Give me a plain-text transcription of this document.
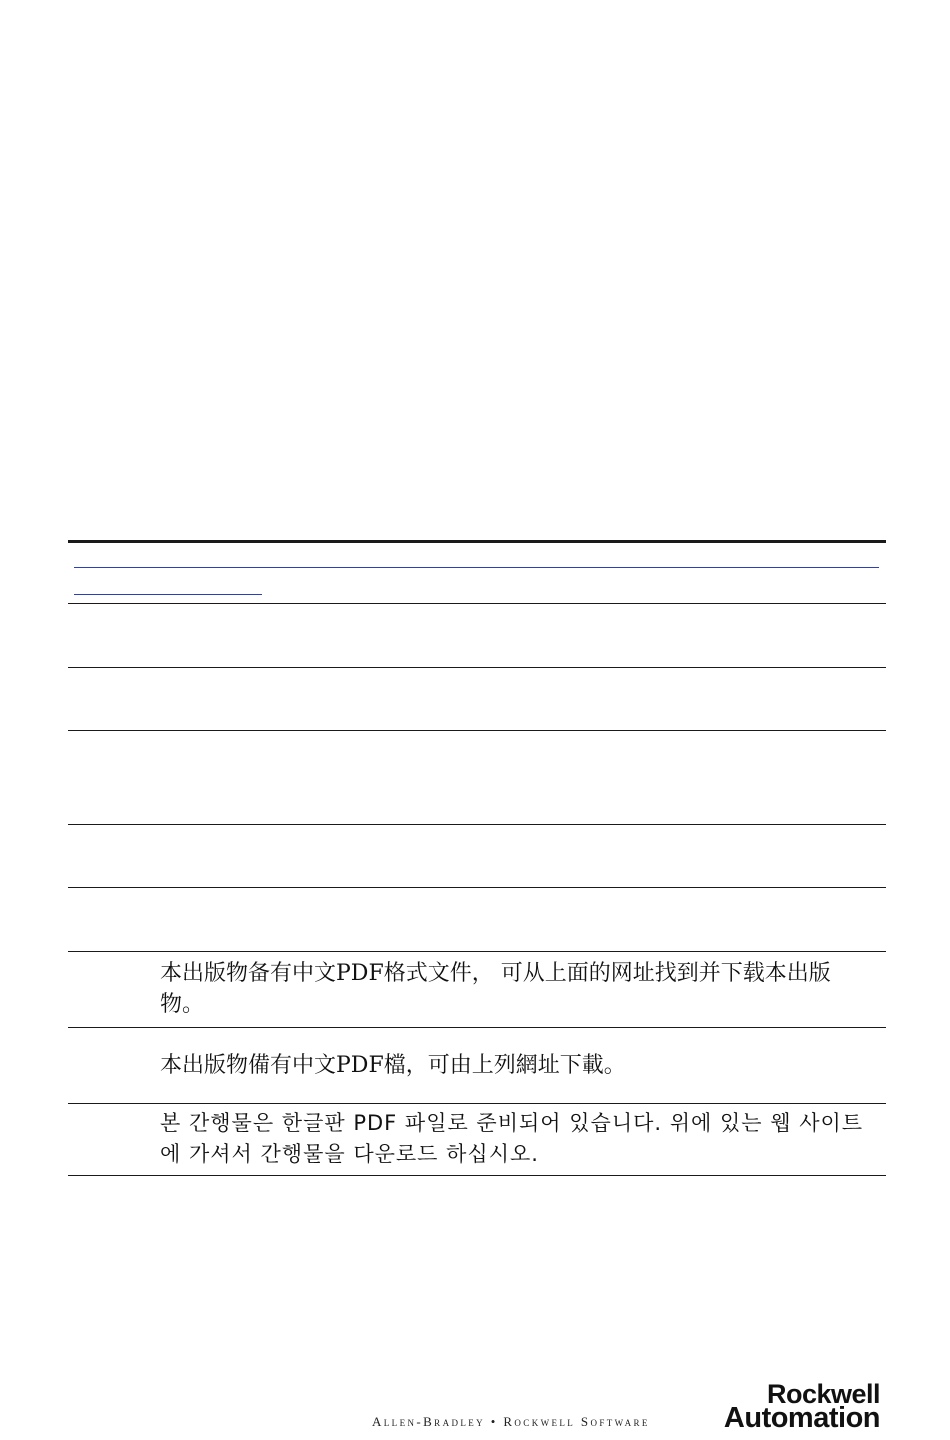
本出版物备有中文PDF格式文件， 可从上面的网址找到并下载本出版物。
本出版物備有中文PDF檔，可由上列網址下載。
본 간행물은 한글판 PDF 파일로 준비되어 있습니다. 위에 있는 웹 사이트에 가셔서 간행물을 다운로드 하십시오.
Allen-Bradley • Rockwell Software
Rockwell
Automation
